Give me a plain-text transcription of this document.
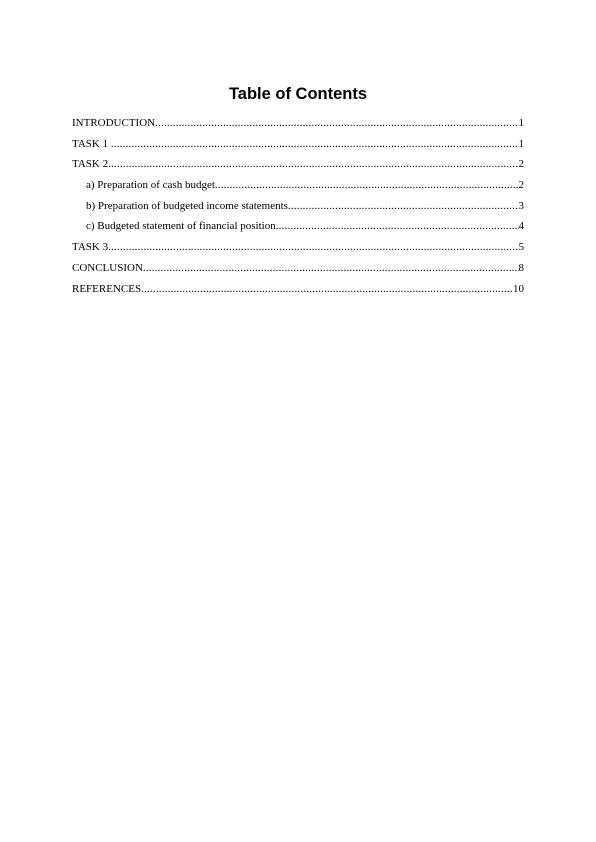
Table of Contents
INTRODUCTION .....	1
TASK 1 .....	1
TASK 2 .....	2
a) Preparation of cash budget .....	2
b) Preparation of budgeted income statements .....	3
c) Budgeted statement of financial position .....	4
TASK 3 .....	5
CONCLUSION .....	8
REFERENCES .....	10
